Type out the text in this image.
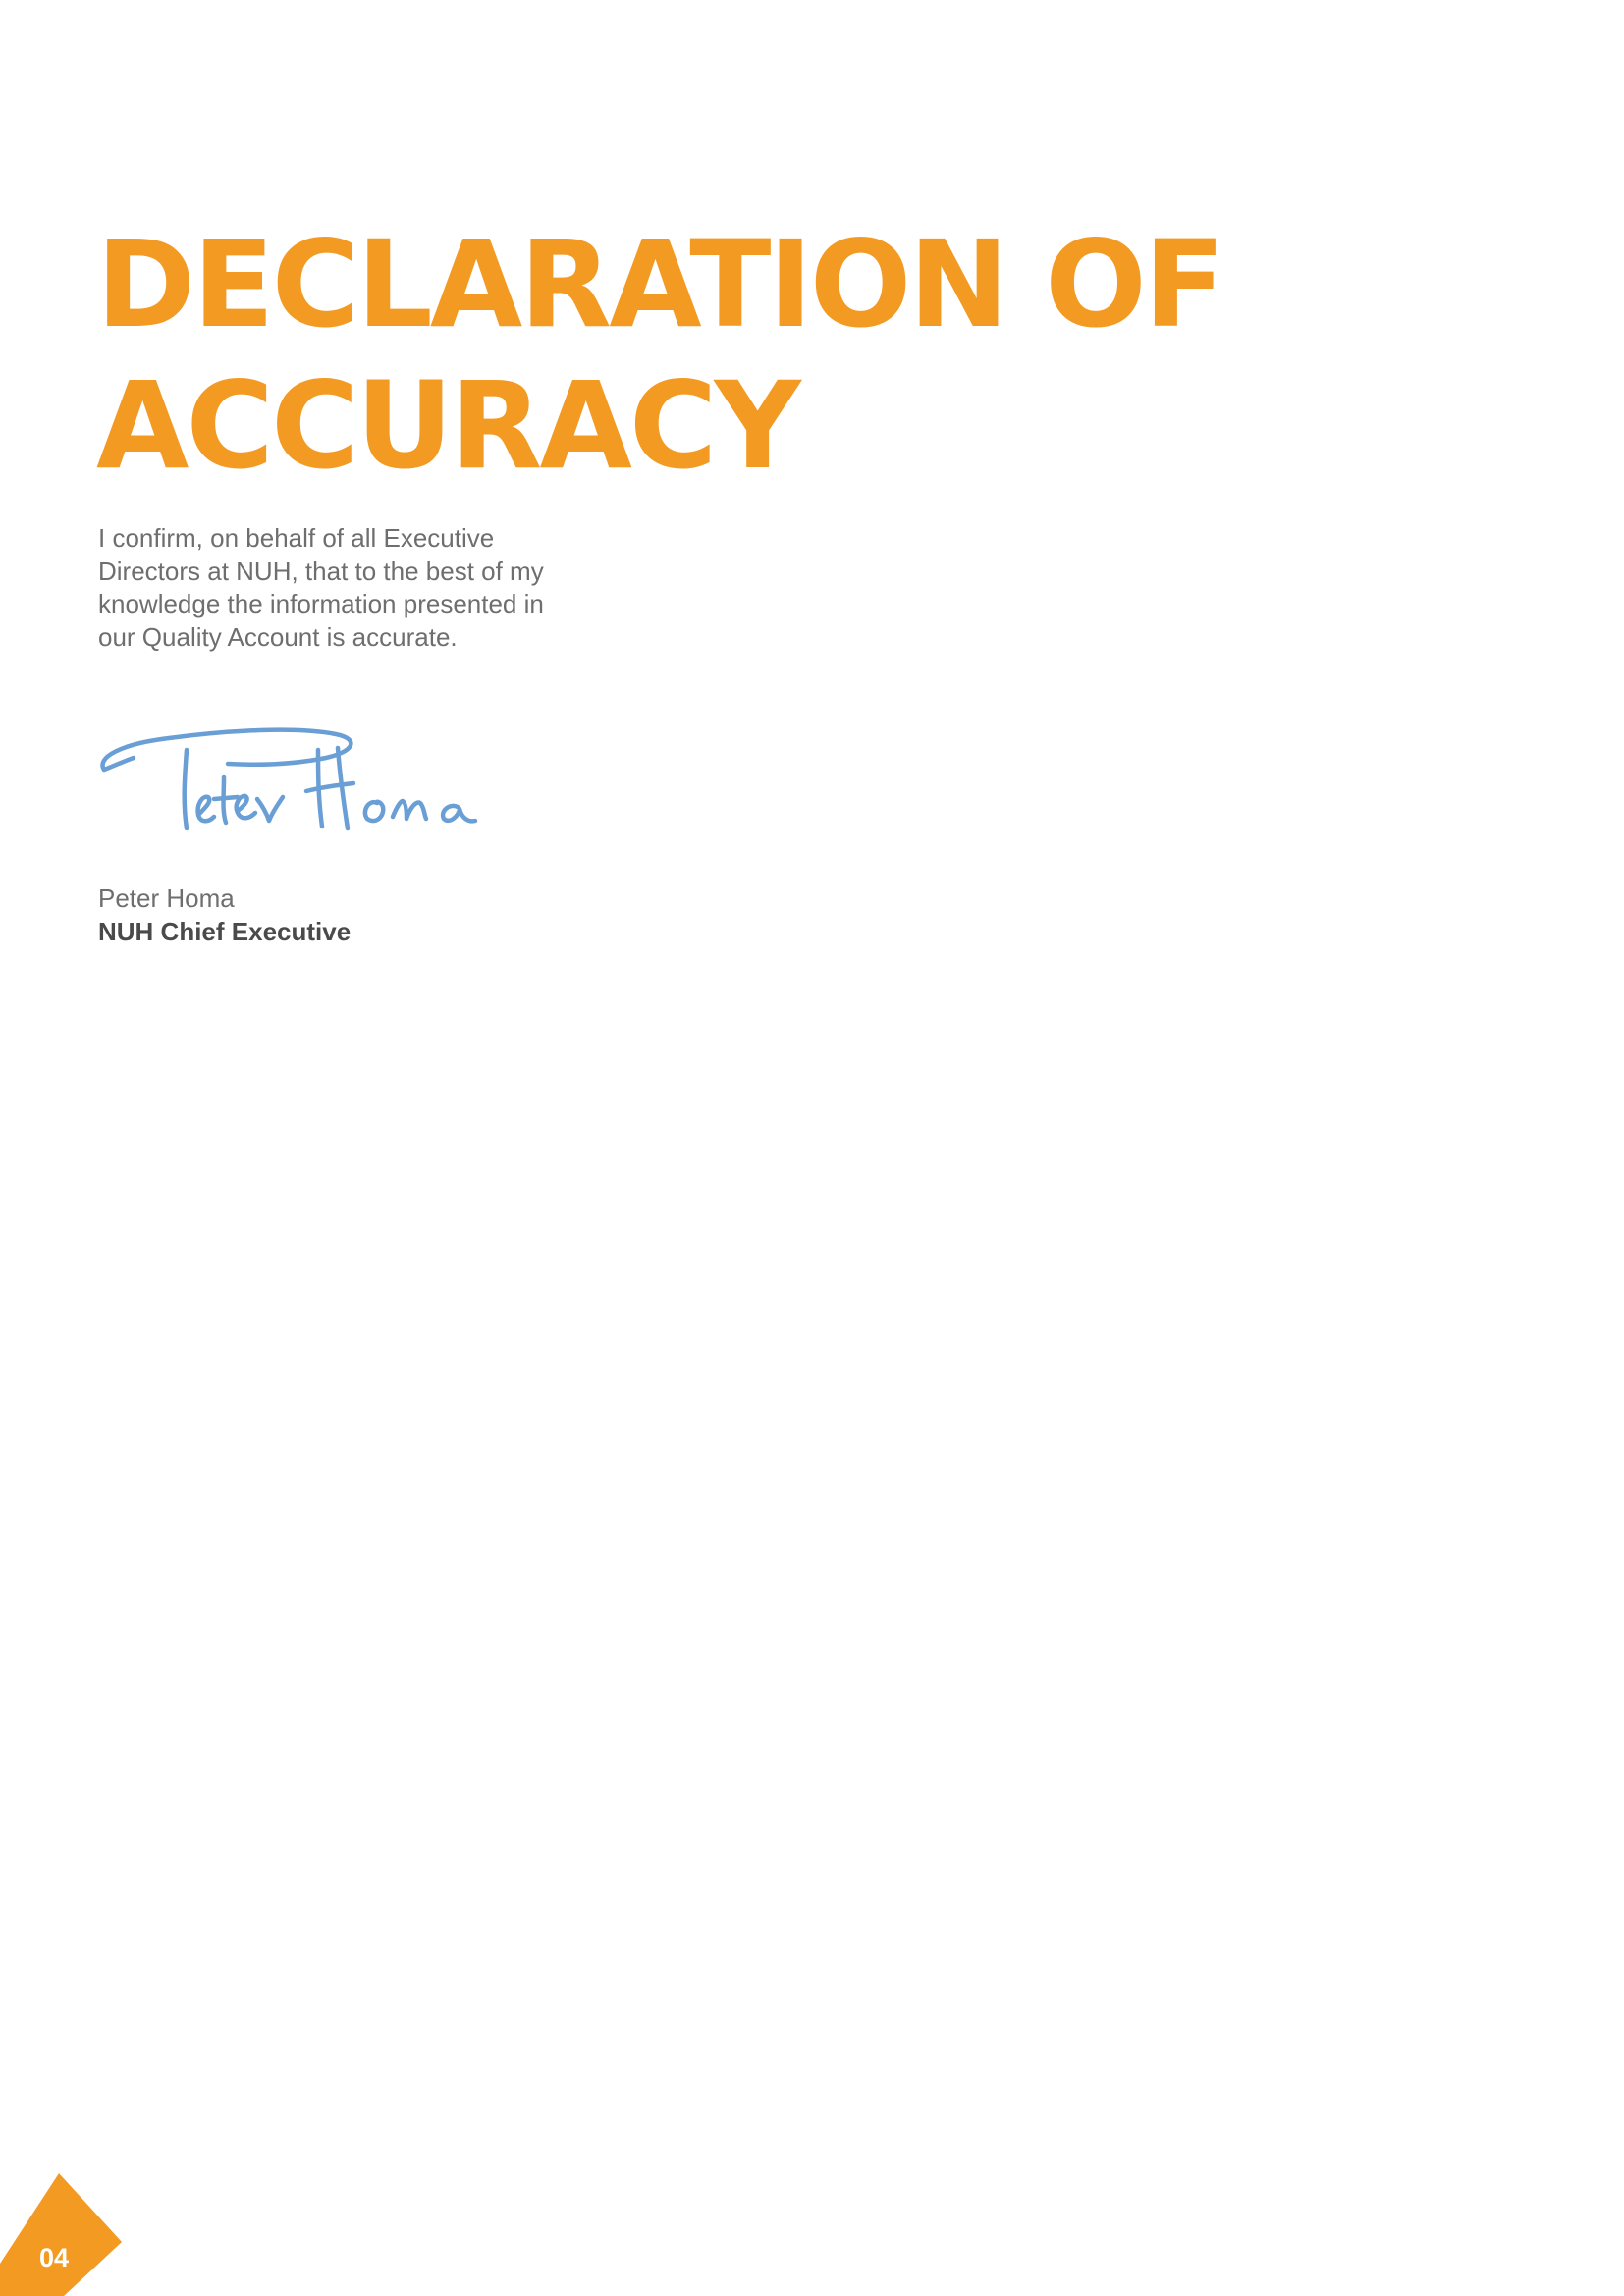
DECLARATION OF
ACCURACY

I confirm, on behalf of all Executive Directors at NUH, that to the best of my knowledge the information presented in our Quality Account is accurate.

Peter Homa

NUH Chief Executive

04
